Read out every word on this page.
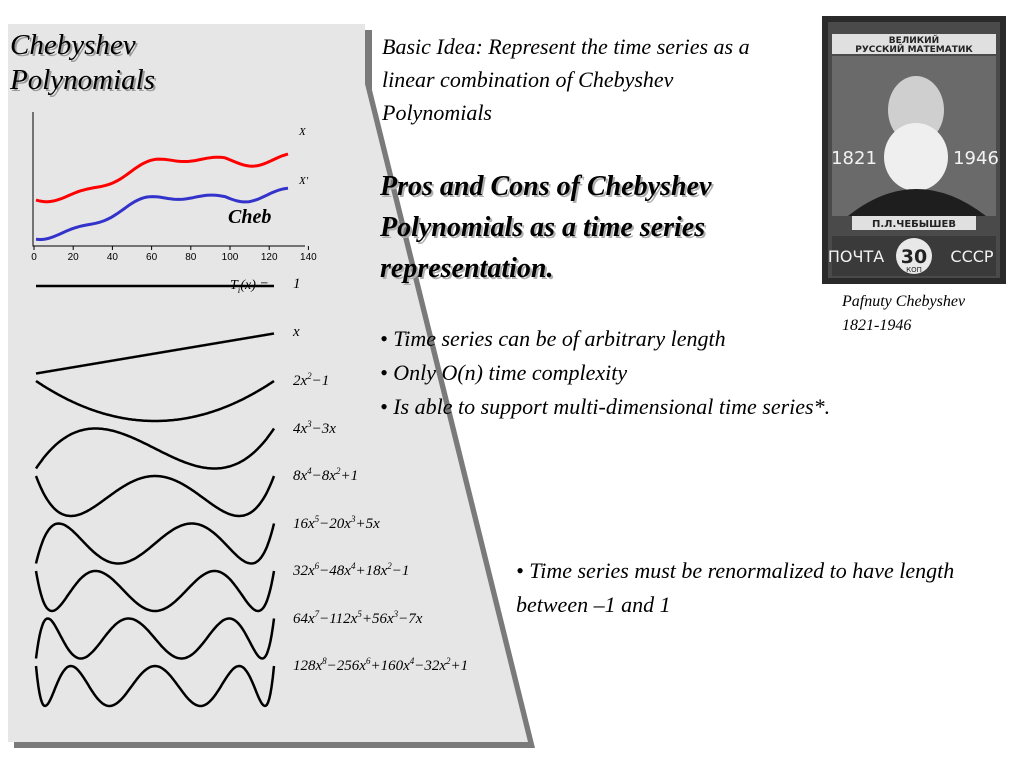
Chebyshev
Polynomials
Cheb
X
X'
0	20	40	60	80	100 120 140
$T_i(x) = 1$
x
$2x^2-1$
$4x^3-3x$
$8x^4-8x^2+1$
$16x^5-20x^3+5x$
$32x^6-48x^4+18x^2-1$
$64x^7-112x^5+56x^3-7x$
$128x^8-256x^6+160x^4-32x^2+1$
Basic Idea: Represent the time series as a linear combination of Chebyshev Polynomials
Pros and Cons of Chebyshev Polynomials as a time series representation.
• Time series can be of arbitrary length
• Only O(n) time complexity
• Is able to support multi-dimensional time series*.
• Time series must be renormalized to have length between –1 and 1
ВЕЛИКИЙ
РУССКИЙ МАТЕМАТИК
1821	1946
П.Л.ЧЕБЫШЕВ
ПОЧТА 30
КОП
СССР
Pafnuty Chebyshev
1821-1946
